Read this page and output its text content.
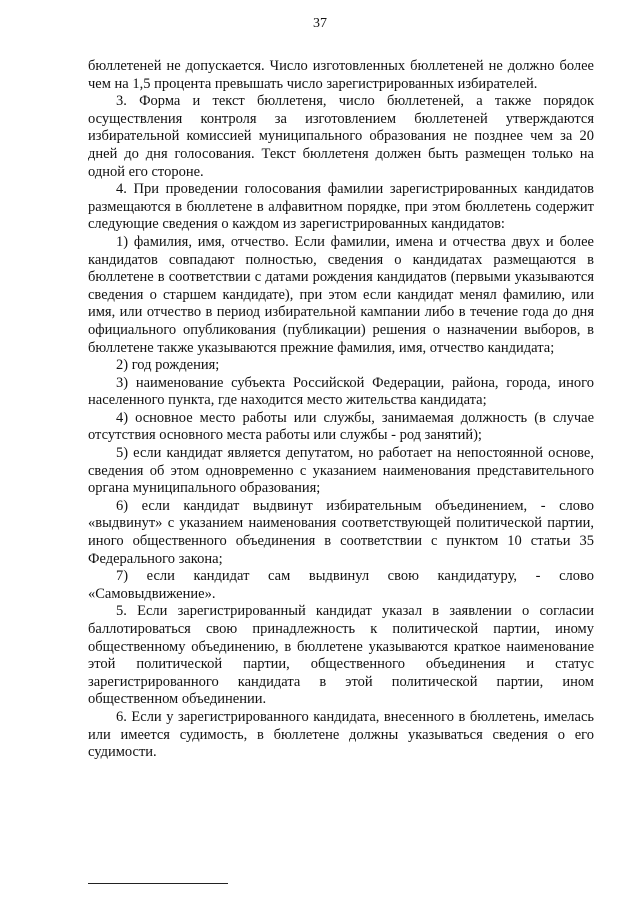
37

бюллетеней не допускается. Число изготовленных бюллетеней не должно более чем на 1,5 процента превышать число зарегистрированных избирателей.

3. Форма и текст бюллетеня, число бюллетеней, а также порядок осуществления контроля за изготовлением бюллетеней утверждаются избирательной комиссией муниципального образования не позднее чем за 20 дней до дня голосования. Текст бюллетеня должен быть размещен только на одной его стороне.

4. При проведении голосования фамилии зарегистрированных кандидатов размещаются в бюллетене в алфавитном порядке, при этом бюллетень содержит следующие сведения о каждом из зарегистрированных кандидатов:

1) фамилия, имя, отчество. Если фамилии, имена и отчества двух и более кандидатов совпадают полностью, сведения о кандидатах размещаются в бюллетене в соответствии с датами рождения кандидатов (первыми указываются сведения о старшем кандидате), при этом если кандидат менял фамилию, или имя, или отчество в период избирательной кампании либо в течение года до дня официального опубликования (публикации) решения о назначении выборов, в бюллетене также указываются прежние фамилия, имя, отчество кандидата;

2) год рождения;

3) наименование субъекта Российской Федерации, района, города, иного населенного пункта, где находится место жительства кандидата;

4) основное место работы или службы, занимаемая должность (в случае отсутствия основного места работы или службы - род занятий);

5) если кандидат является депутатом, но работает на непостоянной основе, сведения об этом одновременно с указанием наименования представительного органа муниципального образования;

6) если кандидат выдвинут избирательным объединением, - слово «выдвинут» с указанием наименования соответствующей политической партии, иного общественного объединения в соответствии с пунктом 10 статьи 35 Федерального закона;

7) если кандидат сам выдвинул свою кандидатуру, - слово «Самовыдвижение».

5. Если зарегистрированный кандидат указал в заявлении о согласии баллотироваться свою принадлежность к политической партии, иному общественному объединению, в бюллетене указываются краткое наименование этой политической партии, общественного объединения и статус зарегистрированного кандидата в этой политической партии, ином общественном объединении.

6. Если у зарегистрированного кандидата, внесенного в бюллетень, имелась или имеется судимость, в бюллетене должны указываться сведения о его судимости.
